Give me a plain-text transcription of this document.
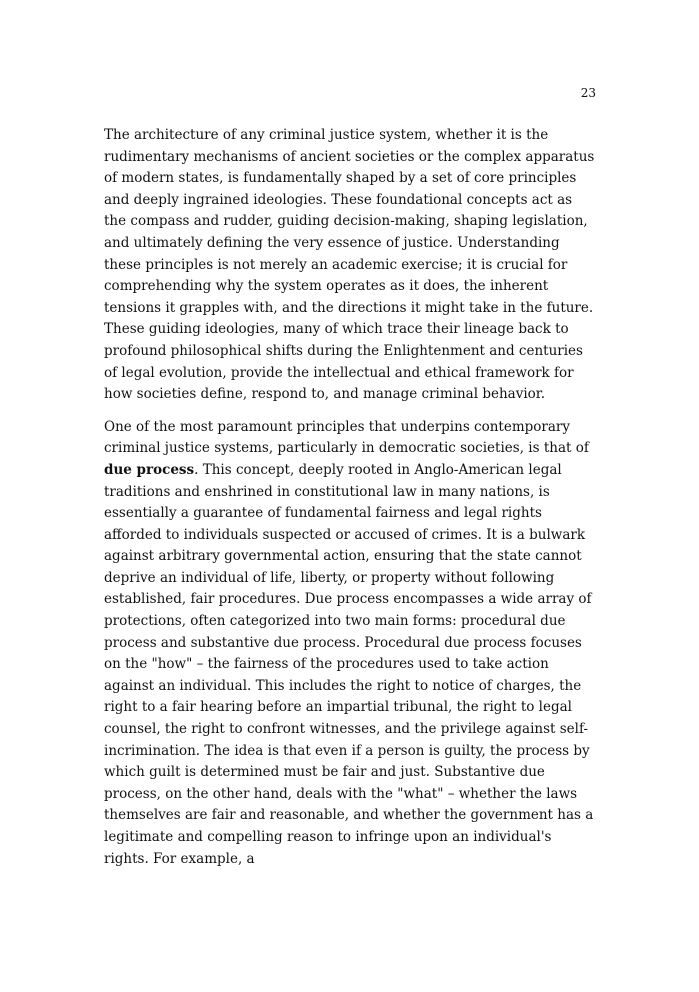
23

The architecture of any criminal justice system, whether it is the rudimentary mechanisms of ancient societies or the complex apparatus of modern states, is fundamentally shaped by a set of core principles and deeply ingrained ideologies. These foundational concepts act as the compass and rudder, guiding decision-making, shaping legislation, and ultimately defining the very essence of justice. Understanding these principles is not merely an academic exercise; it is crucial for comprehending why the system operates as it does, the inherent tensions it grapples with, and the directions it might take in the future. These guiding ideologies, many of which trace their lineage back to profound philosophical shifts during the Enlightenment and centuries of legal evolution, provide the intellectual and ethical framework for how societies define, respond to, and manage criminal behavior.

One of the most paramount principles that underpins contemporary criminal justice systems, particularly in democratic societies, is that of due process. This concept, deeply rooted in Anglo-American legal traditions and enshrined in constitutional law in many nations, is essentially a guarantee of fundamental fairness and legal rights afforded to individuals suspected or accused of crimes. It is a bulwark against arbitrary governmental action, ensuring that the state cannot deprive an individual of life, liberty, or property without following established, fair procedures. Due process encompasses a wide array of protections, often categorized into two main forms: procedural due process and substantive due process. Procedural due process focuses on the "how" – the fairness of the procedures used to take action against an individual. This includes the right to notice of charges, the right to a fair hearing before an impartial tribunal, the right to legal counsel, the right to confront witnesses, and the privilege against self-incrimination. The idea is that even if a person is guilty, the process by which guilt is determined must be fair and just. Substantive due process, on the other hand, deals with the "what" – whether the laws themselves are fair and reasonable, and whether the government has a legitimate and compelling reason to infringe upon an individual's rights. For example, a
